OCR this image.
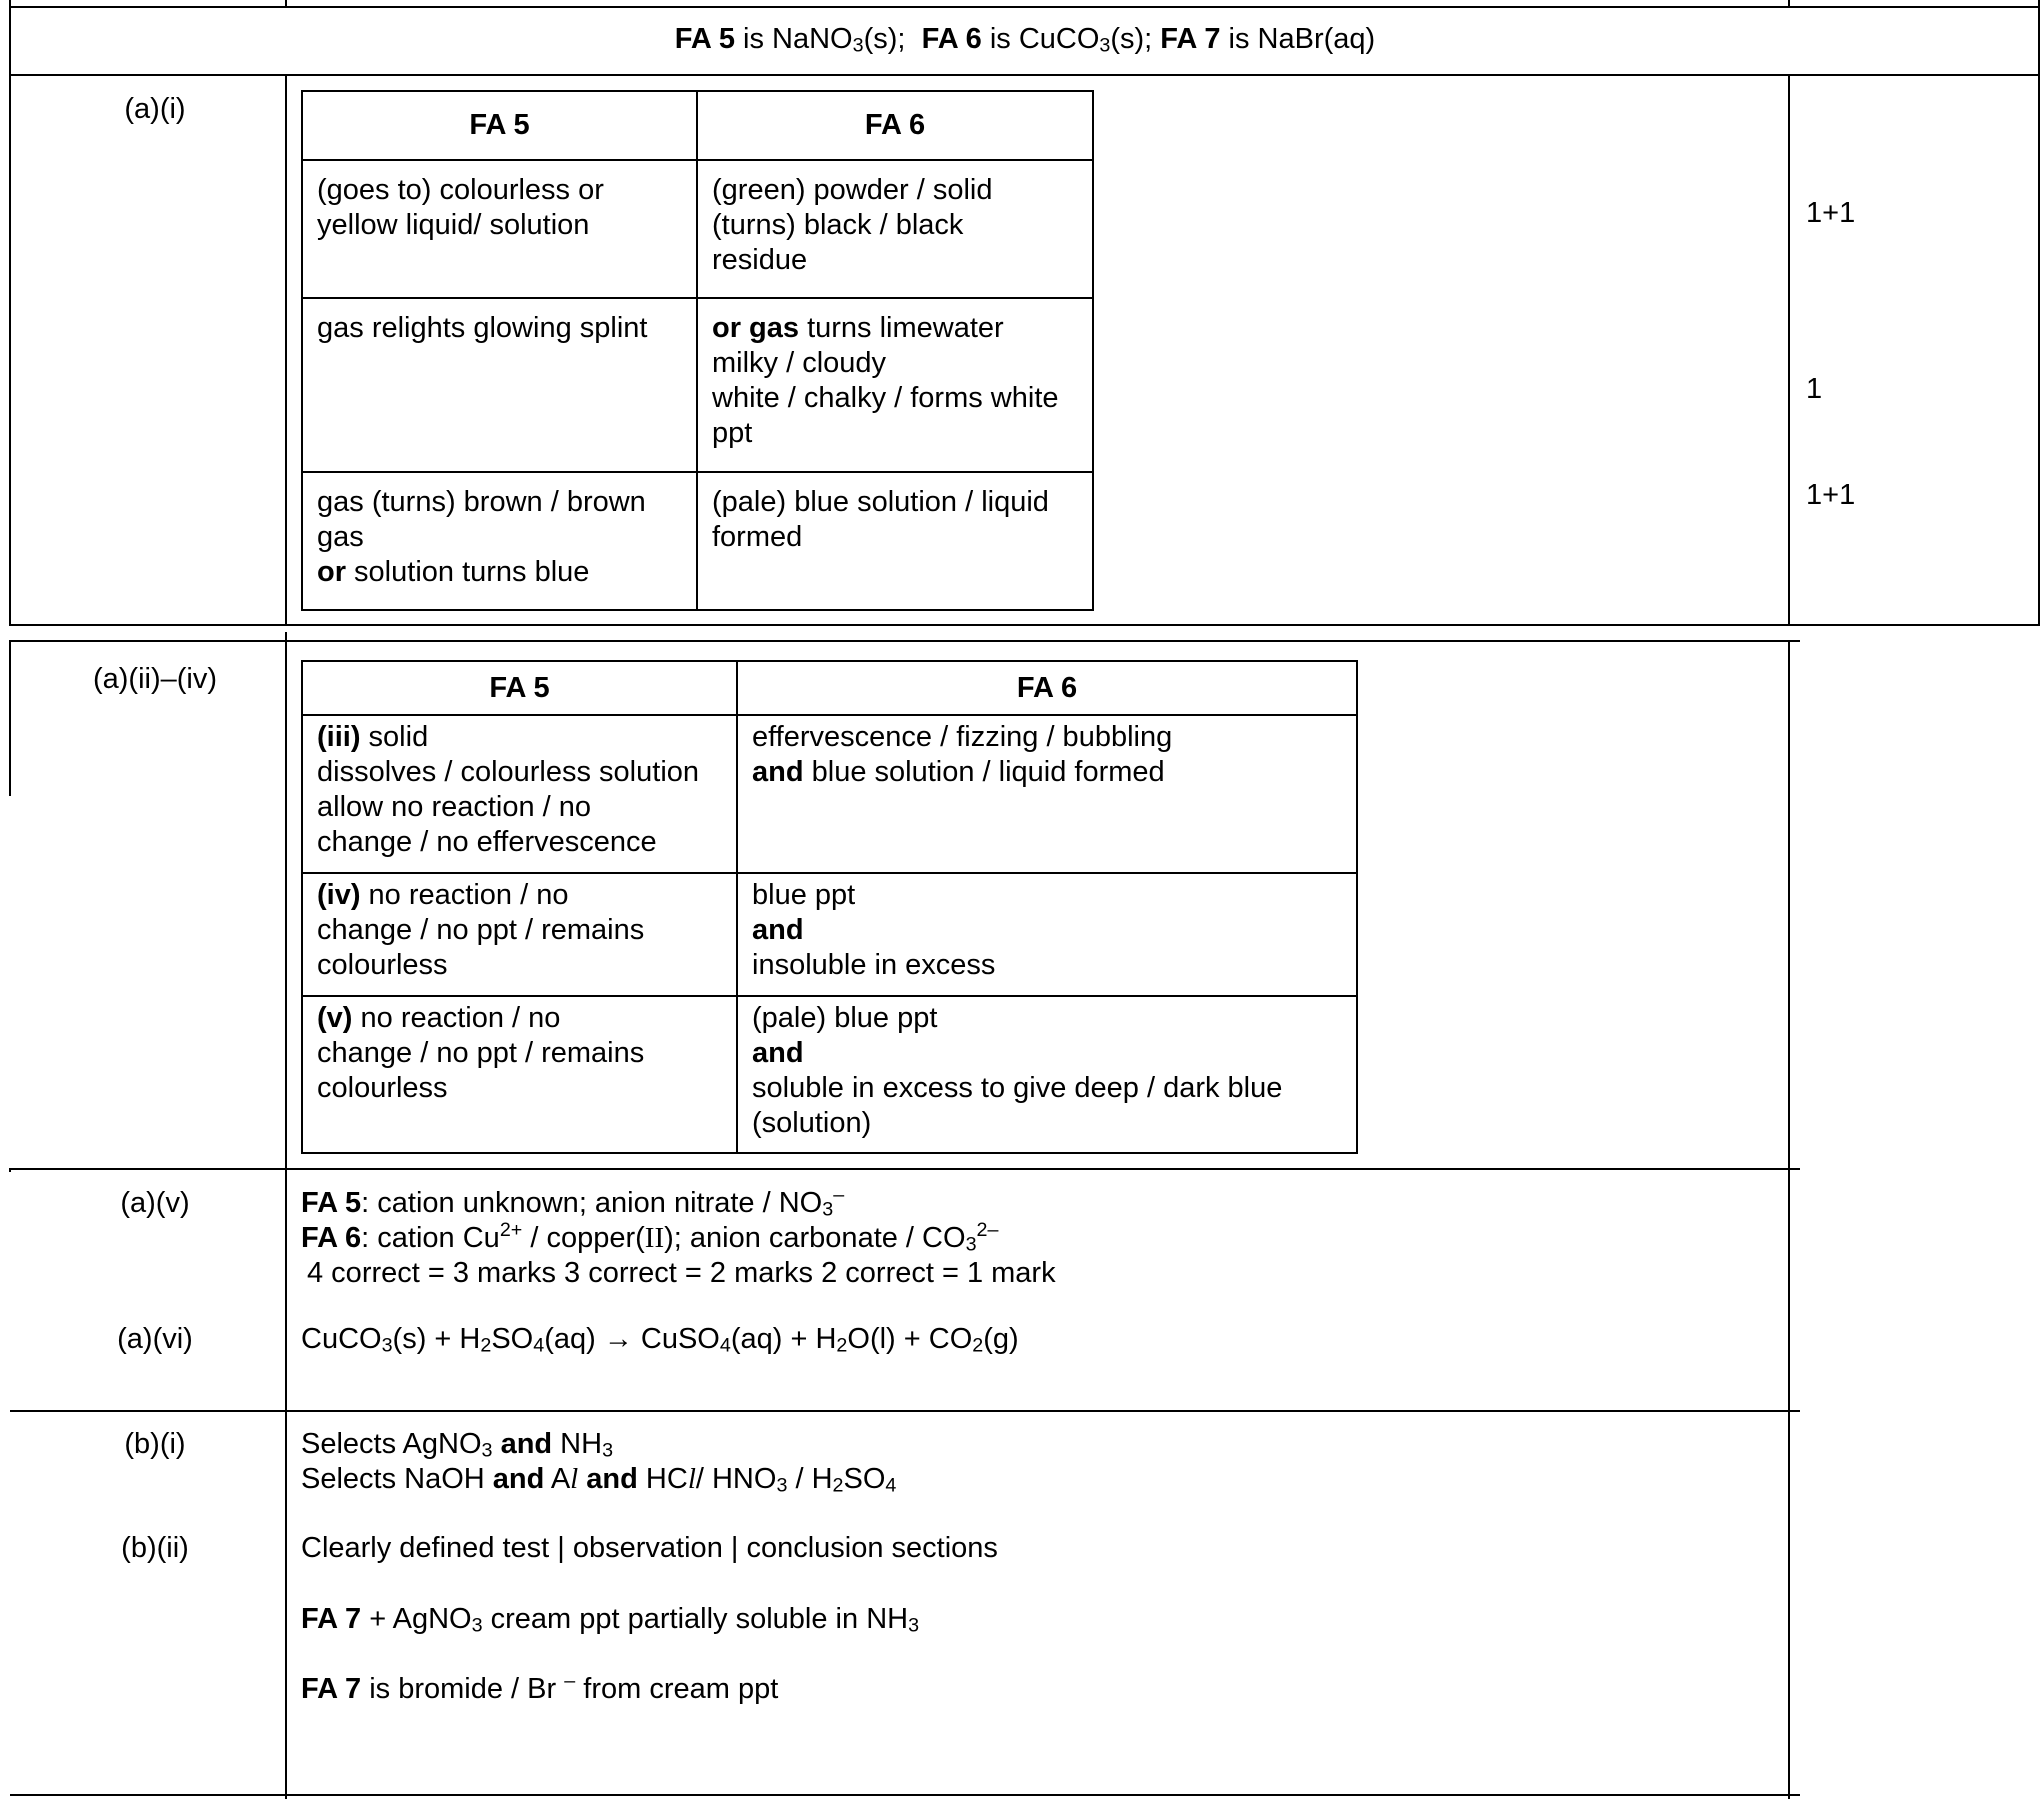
FA 5 is NaNO$_3$(s); FA 6 is CuCO$_3$(s); FA 7 is NaBr(aq)
(a)(i)	FA 5	FA 6

(goes to) colourless or
yellow liquid/ solution	(green) powder / solid
(turns) black / black
residue

gas relights glowing splint	or gas turns limewater
milky / cloudy
white / chalky / forms white
ppt

gas (turns) brown / brown
gas
or solution turns blue	(pale) blue solution / liquid
formed
1+1
1
1+1
(a)(ii)–(iv)	FA 5	FA 6

(iii) solid
dissolves / colourless solution
allow no reaction / no
change / no effervescence	effervescence / fizzing / bubbling
and blue solution / liquid formed

(iv) no reaction / no
change / no ppt / remains
colourless	blue ppt
and
insoluble in excess

(v) no reaction / no
change / no ppt / remains
colourless	(pale) blue ppt
and
soluble in excess to give deep / dark blue
(solution)
(a)(v)	FA 5: cation unknown; anion nitrate / $NO_3^-$
FA 6: cation $Cu^{2+}$ / copper(II); anion carbonate / $CO_3^{2-}$
4 correct = 3 marks 3 correct = 2 marks 2 correct = 1 mark
(a)(vi)	CuCO$_3$(s) + $H_2SO_4(aq)$ → CuSO$_4$(aq) + $H_2O(l) + CO_2(g)$
(b)(i)	Selects AgNO$_3$ and $NH_3$
Selects NaOH and Al and HCl/ $HNO_3 / H_2SO_4$
(b)(ii)	Clearly defined test | observation | conclusion sections
FA 7 + AgNO$_3$ cream ppt partially soluble in $NH_3$
FA 7 is bromide / Br – from cream ppt
